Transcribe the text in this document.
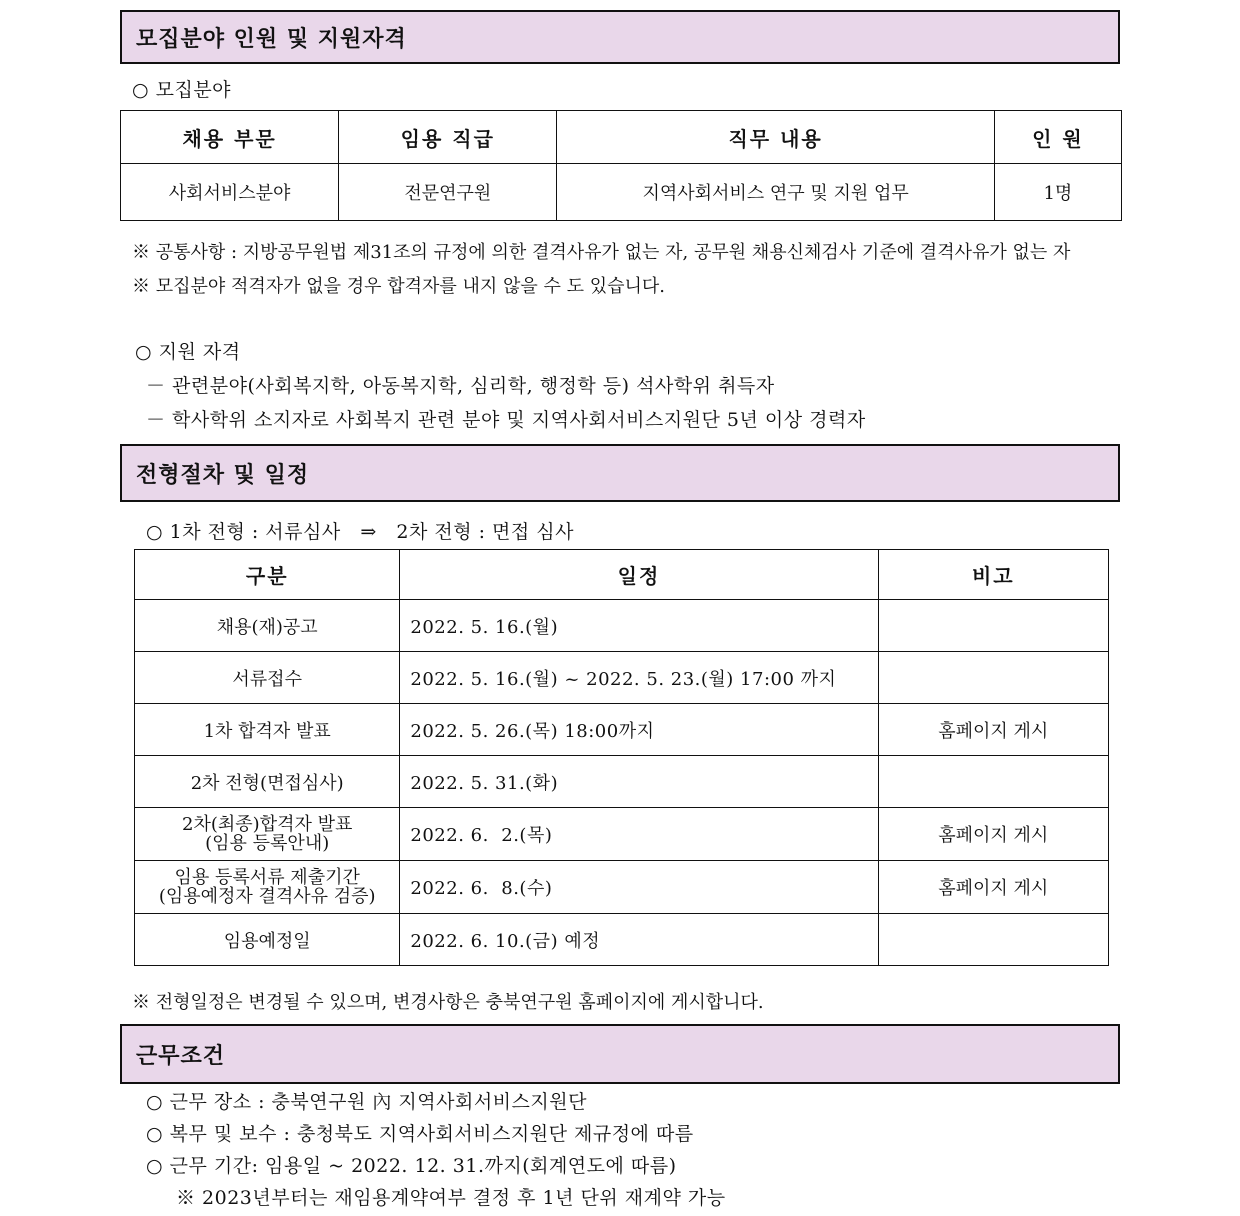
모집분야 인원 및 지원자격
○ 모집분야
채용 부문	임용 직급	직무 내용	인 원
사회서비스분야	전문연구원	지역사회서비스 연구 및 지원 업무	1명
※ 공통사항 : 지방공무원법 제31조의 규정에 의한 결격사유가 없는 자, 공무원 채용신체검사 기준에 결격사유가 없는 자
※ 모집분야 적격자가 없을 경우 합격자를 내지 않을 수 도 있습니다.
○ 지원 자격
－ 관련분야(사회복지학, 아동복지학, 심리학, 행정학 등) 석사학위 취득자
－ 학사학위 소지자로 사회복지 관련 분야 및 지역사회서비스지원단 5년 이상 경력자
전형절차 및 일정
○ 1차 전형 : 서류심사   ⇒   2차 전형 : 면접 심사
구분	일정	비고
채용(재)공고	2022. 5. 16.(월)	
서류접수	2022. 5. 16.(월) ~ 2022. 5. 23.(월) 17:00 까지	
1차 합격자 발표	2022. 5. 26.(목) 18:00까지	홈페이지 게시
2차 전형(면접심사)	2022. 5. 31.(화)	

2차(최종)합격자 발표
(임용 등록안내)	2022. 6.  2.(목)	홈페이지 게시

임용 등록서류 제출기간
(임용예정자 결격사유 검증)	2022. 6.  8.(수)	홈페이지 게시
임용예정일	2022. 6. 10.(금) 예정	
※ 전형일정은 변경될 수 있으며, 변경사항은 충북연구원 홈페이지에 게시합니다.
근무조건
○ 근무 장소 : 충북연구원 內 지역사회서비스지원단
○ 복무 및 보수 : 충청북도 지역사회서비스지원단 제규정에 따름
○ 근무 기간: 임용일 ~ 2022. 12. 31.까지(회계연도에 따름)
※ 2023년부터는 재임용계약여부 결정 후 1년 단위 재계약 가능
